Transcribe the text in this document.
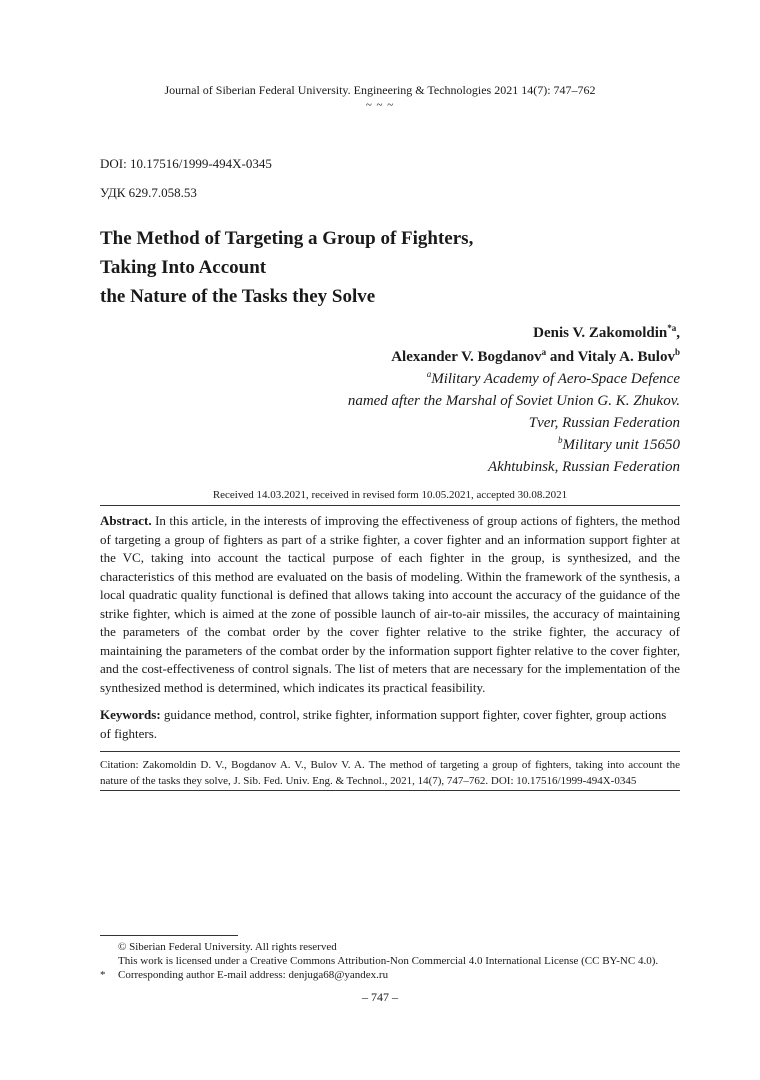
Journal of Siberian Federal University. Engineering & Technologies 2021 14(7): 747–762
~ ~ ~
DOI: 10.17516/1999-494X-0345
УДК 629.7.058.53
The Method of Targeting a Group of Fighters,
Taking Into Account
the Nature of the Tasks they Solve
Denis V. Zakomoldin$^{*a}$,
Alexander V. Bogdanov$^a$ and Vitaly A. Bulov$^b$
$^a$Military Academy of Aero-Space Defence
named after the Marshal of Soviet Union G. K. Zhukov.
Tver, Russian Federation
$^b$Military unit 15650
Akhtubinsk, Russian Federation
Received 14.03.2021, received in revised form 10.05.2021, accepted 30.08.2021
Abstract. In this article, in the interests of improving the effectiveness of group actions of fighters, the method of targeting a group of fighters as part of a strike fighter, a cover fighter and an information support fighter at the VC, taking into account the tactical purpose of each fighter in the group, is synthesized, and the characteristics of this method are evaluated on the basis of modeling. Within the framework of the synthesis, a local quadratic quality functional is defined that allows taking into account the accuracy of the guidance of the strike fighter, which is aimed at the zone of possible launch of air-to-air missiles, the accuracy of maintaining the parameters of the combat order by the cover fighter relative to the strike fighter, the accuracy of maintaining the parameters of the combat order by the information support fighter relative to the cover fighter, and the cost-effectiveness of control signals. The list of meters that are necessary for the implementation of the synthesized method is determined, which indicates its practical feasibility.
Keywords: guidance method, control, strike fighter, information support fighter, cover fighter, group actions of fighters.
Citation: Zakomoldin D. V., Bogdanov A. V., Bulov V. A. The method of targeting a group of fighters, taking into account the nature of the tasks they solve, J. Sib. Fed. Univ. Eng. & Technol., 2021, 14(7), 747–762. DOI: 10.17516/1999-494X-0345
© Siberian Federal University. All rights reserved
This work is licensed under a Creative Commons Attribution-Non Commercial 4.0 International License (CC BY-NC 4.0).
* Corresponding author E-mail address: denjuga68@yandex.ru
– 747 –
